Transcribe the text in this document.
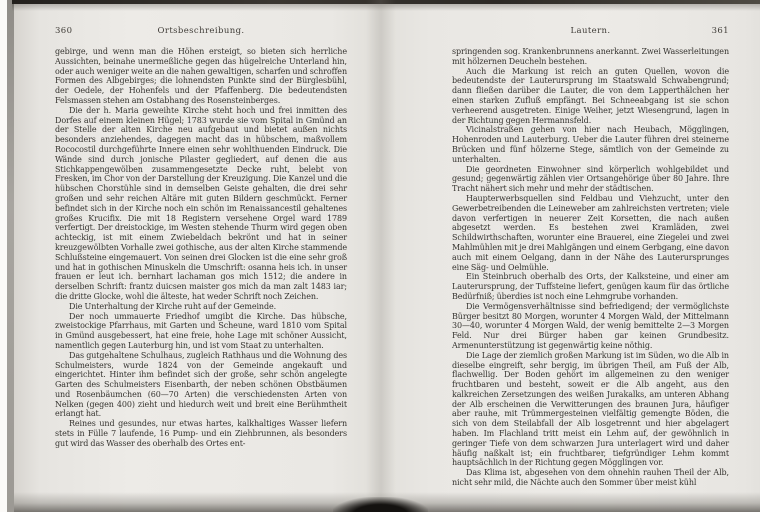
360	Ortsbeschreibung.

gebirge, und wenn man die Höhen ersteigt, so bieten sich herrliche Aussichten, beinahe unermeßliche gegen das hügelreiche Unterland hin, oder auch weniger weite an die nahen gewaltigen, scharfen und schroffen Formen des Albgebirges; die lohnendsten Punkte sind der Bürglesbühl, der Oedele, der Hohenfels und der Pfaffenberg. Die bedeutendsten Felsmassen stehen am Ostabhang des Rosensteinberges.

Die der h. Maria geweihte Kirche steht hoch und frei inmitten des Dorfes auf einem kleinen Hügel; 1783 wurde sie vom Spital in Gmünd an der Stelle der alten Kirche neu aufgebaut und bietet außen nichts besonders anziehendes, dagegen macht das in hübschem, maßvollem Rococostil durchgeführte Innere einen sehr wohlthuenden Eindruck. Die Wände sind durch jonische Pilaster gegliedert, auf denen die aus Stichkappengewölben zusammengesetzte Decke ruht, belebt von Fresken, im Chor von der Darstellung der Kreuzigung. Die Kanzel und die hübschen Chorstühle sind in demselben Geiste gehalten, die drei sehr großen und sehr reichen Altäre mit guten Bildern geschmückt. Ferner befindet sich in der Kirche noch ein schön im Renaissancestil gehaltenes großes Krucifix. Die mit 18 Registern versehene Orgel ward 1789 verfertigt. Der dreistockige, im Westen stehende Thurm wird gegen oben achteckig, ist mit einem Zwiebeldach bekrönt und hat in seiner kreuzgewölbten Vorhalle zwei gothische, aus der alten Kirche stammende Schlußsteine eingemauert. Von seinen drei Glocken ist die eine sehr groß und hat in gothischen Minuskeln die Umschrift: osanna heis ich. in unser frauen er leut ich. bernhart lachaman gos mich 1512; die andere in derselben Schrift: frantz duicsen maister gos mich da man zalt 1483 iar; die dritte Glocke, wohl die älteste, hat weder Schrift noch Zeichen.

Die Unterhaltung der Kirche ruht auf der Gemeinde.

Der noch ummauerte Friedhof umgibt die Kirche. Das hübsche, zweistockige Pfarrhaus, mit Garten und Scheune, ward 1810 vom Spital in Gmünd ausgebessert, hat eine freie, hohe Lage mit schöner Aussicht, namentlich gegen Lauterburg hin, und ist vom Staat zu unterhalten.

Das gutgehaltene Schulhaus, zugleich Rathhaus und die Wohnung des Schulmeisters, wurde 1824 von der Gemeinde angekauft und eingerichtet. Hinter ihm befindet sich der große, sehr schön angelegte Garten des Schulmeisters Eisenbarth, der neben schönen Obstbäumen und Rosenbäumchen (60—70 Arten) die verschiedensten Arten von Nelken (gegen 400) zieht und hiedurch weit und breit eine Berühmtheit erlangt hat.

Reines und gesundes, nur etwas hartes, kalkhaltiges Wasser liefern stets in Fülle 7 laufende, 16 Pump- und ein Ziehbrunnen, als besonders gut wird das Wasser des oberhalb des Ortes ent-

Lautern.	361

springenden sog. Krankenbrunnens anerkannt. Zwei Wasserleitungen mit hölzernen Deucheln bestehen.

Auch die Markung ist reich an guten Quellen, wovon die bedeutendste der Lauterursprung im Staatswald Schwabengrund; dann fließen darüber die Lauter, die von dem Lapperthälchen her einen starken Zufluß empfängt. Bei Schneeabgang ist sie schon verheerend ausgetreten. Einige Weiher, jetzt Wiesengrund, lagen in der Richtung gegen Hermannsfeld.

Vicinalstraßen gehen von hier nach Heubach, Mögglingen, Hohenroden und Lauterburg. Ueber die Lauter führen drei steinerne Brücken und fünf hölzerne Stege, sämtlich von der Gemeinde zu unterhalten.

Die geordneten Einwohner sind körperlich wohlgebildet und gesund; gegenwärtig zählen vier Ortsangehörige über 80 Jahre. Ihre Tracht nähert sich mehr und mehr der städtischen.

Haupterwerbsquellen sind Feldbau und Viehzucht, unter den Gewerbetreibenden die Leineweber am zahlreichsten vertreten; viele davon verfertigen in neuerer Zeit Korsetten, die nach außen abgesetzt werden. Es bestehen zwei Kramläden, zwei Schildwirthschaften, worunter eine Brauerei, eine Ziegelei und zwei Mahlmühlen mit je drei Mahlgängen und einem Gerbgang, eine davon auch mit einem Oelgang, dann in der Nähe des Lauterursprunges eine Säg- und Oelmühle.

Ein Steinbruch oberhalb des Orts, der Kalksteine, und einer am Lauterursprung, der Tuffsteine liefert, genügen kaum für das örtliche Bedürfniß; überdies ist noch eine Lehmgrube vorhanden.

Die Vermögensverhältnisse sind befriedigend; der vermöglichste Bürger besitzt 80 Morgen, worunter 4 Morgen Wald, der Mittelmann 30—40, worunter 4 Morgen Wald, der wenig bemittelte 2—3 Morgen Feld. Nur drei Bürger haben gar keinen Grundbesitz. Armenunterstützung ist gegenwärtig keine nöthig.

Die Lage der ziemlich großen Markung ist im Süden, wo die Alb in dieselbe eingreift, sehr bergig, im übrigen Theil, am Fuß der Alb, flachwellig. Der Boden gehört im allgemeinen zu den weniger fruchtbaren und besteht, soweit er die Alb angeht, aus den kalkreichen Zersetzungen des weißen Jurakalks, am unteren Abhang der Alb erscheinen die Verwitterungen des braunen Jura, häufiger aber rauhe, mit Trümmergesteinen vielfältig gemengte Böden, die sich von dem Steilabfall der Alb losgetrennt und hier abgelagert haben. Im Flachland tritt meist ein Lehm auf, der gewöhnlich in geringer Tiefe von dem schwarzen Jura unterlagert wird und daher häufig naßkalt ist; ein fruchtbarer, tiefgründiger Lehm kommt hauptsächlich in der Richtung gegen Mögglingen vor.

Das Klima ist, abgesehen von dem ohnehin rauhen Theil der Alb, nicht sehr mild, die Nächte auch den Sommer über meist kühl
